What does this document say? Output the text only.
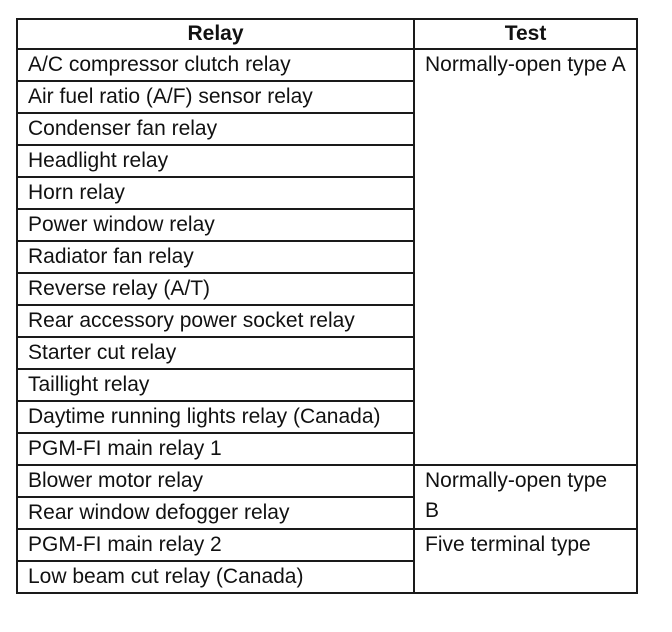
Relay	Test
A/C compressor clutch relay	Normally-open type A
Air fuel ratio (A/F) sensor relay	
Condenser fan relay	
Headlight relay	
Horn relay	
Power window relay	
Radiator fan relay	
Reverse relay (A/T)	
Rear accessory power socket relay	
Starter cut relay	
Taillight relay	
Daytime running lights relay (Canada)	
PGM-FI main relay 1	
Blower motor relay	Normally-open type B
Rear window defogger relay	
PGM-FI main relay 2	Five terminal type
Low beam cut relay (Canada)	
